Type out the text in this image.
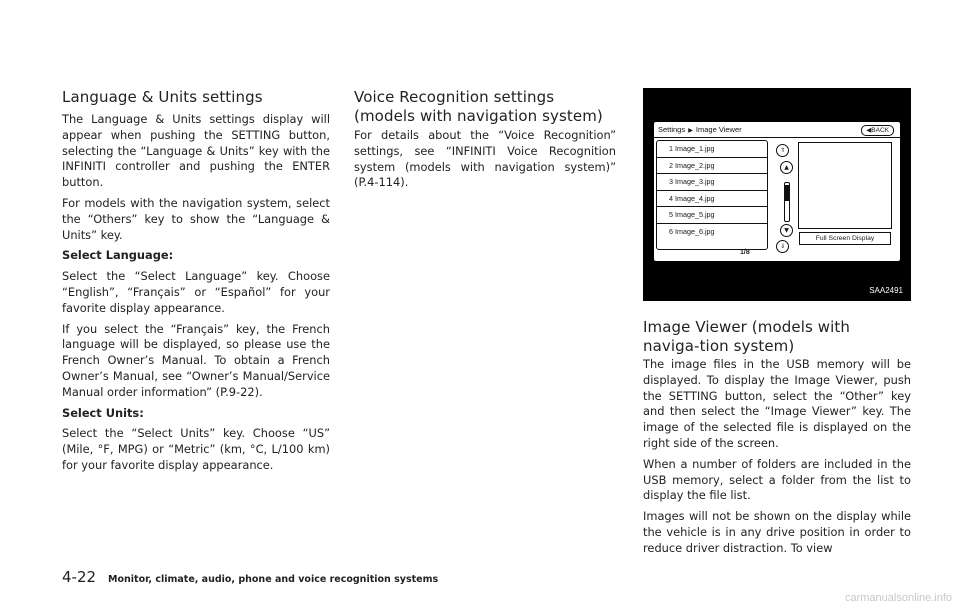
Language & Units settings

The Language & Units settings display will appear when pushing the SETTING button, selecting the “Language & Units” key with the INFINITI controller and pushing the ENTER button.

For models with the navigation system, select the “Others” key to show the “Language & Units” key.

Select Language:

Select the “Select Language” key. Choose “English”, “Français” or “Español” for your favorite display appearance.

If you select the “Français” key, the French language will be displayed, so please use the French Owner’s Manual. To obtain a French Owner’s Manual, see “Owner’s Manual/Service Manual order information” (P.9-22).

Select Units:

Select the “Select Units” key. Choose “US” (Mile, °F, MPG) or “Metric” (km, °C, L/100 km) for your favorite display appearance.

Voice Recognition settings (models with navigation system)

For details about the “Voice Recognition” settings, see “INFINITI Voice Recognition system (models with navigation system)” (P.4-114).

Settings ▶ Image Viewer	◀BACK
1 Image_1.jpg
2 Image_2.jpg
3 Image_3.jpg
4 Image_4.jpg
5 Image_5.jpg
6 Image_6.jpg
1/8
⇑
▲
▼
⇓
Full Screen Display
SAA2491
Image Viewer (models with naviga-tion system)

The image files in the USB memory will be displayed. To display the Image Viewer, push the SETTING button, select the “Other” key and then select the “Image Viewer” key. The image of the selected file is displayed on the right side of the screen.

When a number of folders are included in the USB memory, select a folder from the list to display the file list.

Images will not be shown on the display while the vehicle is in any drive position in order to reduce driver distraction. To view

4-22 Monitor, climate, audio, phone and voice recognition systems
carmanualsonline.info
